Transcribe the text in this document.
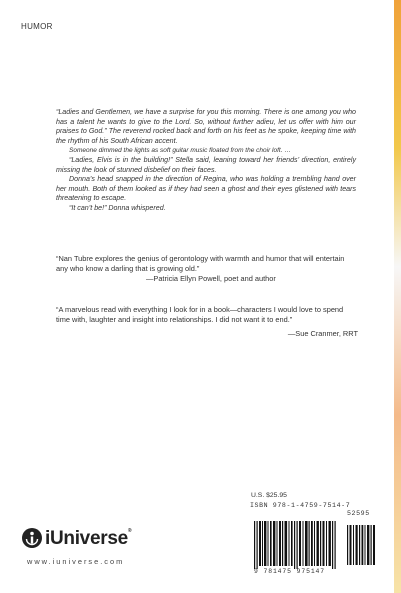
HUMOR

“Ladies and Gentlemen, we have a surprise for you this morning. There is one among you who has a talent he wants to give to the Lord. So, without further adieu, let us offer with him our praises to God.” The reverend rocked back and forth on his feet as he spoke, keeping time with the rhythm of his South African accent.

Someone dimmed the lights as soft guitar music floated from the choir loft. …

“Ladies, Elvis is in the building!” Stella said, leaning toward her friends’ direction, entirely missing the look of stunned disbelief on their faces.

Donna’s head snapped in the direction of Regina, who was holding a trembling hand over her mouth. Both of them looked as if they had seen a ghost and their eyes glistened with tears threatening to escape.

“It can’t be!” Donna whispered.

“Nan Tubre explores the genius of gerontology with warmth and humor that will entertain any who know a darling that is growing old.”

—Patricia Ellyn Powell, poet and author

“A marvelous read with everything I look for in a book—characters I would love to spend time with, laughter and insight into relationships. I did not want it to end.”

—Sue Cranmer, RRT

U.S. $25.95
ISBN 978-1-4759-7514-7
52595
9 781475 975147
iUniverse®
www.iuniverse.com
